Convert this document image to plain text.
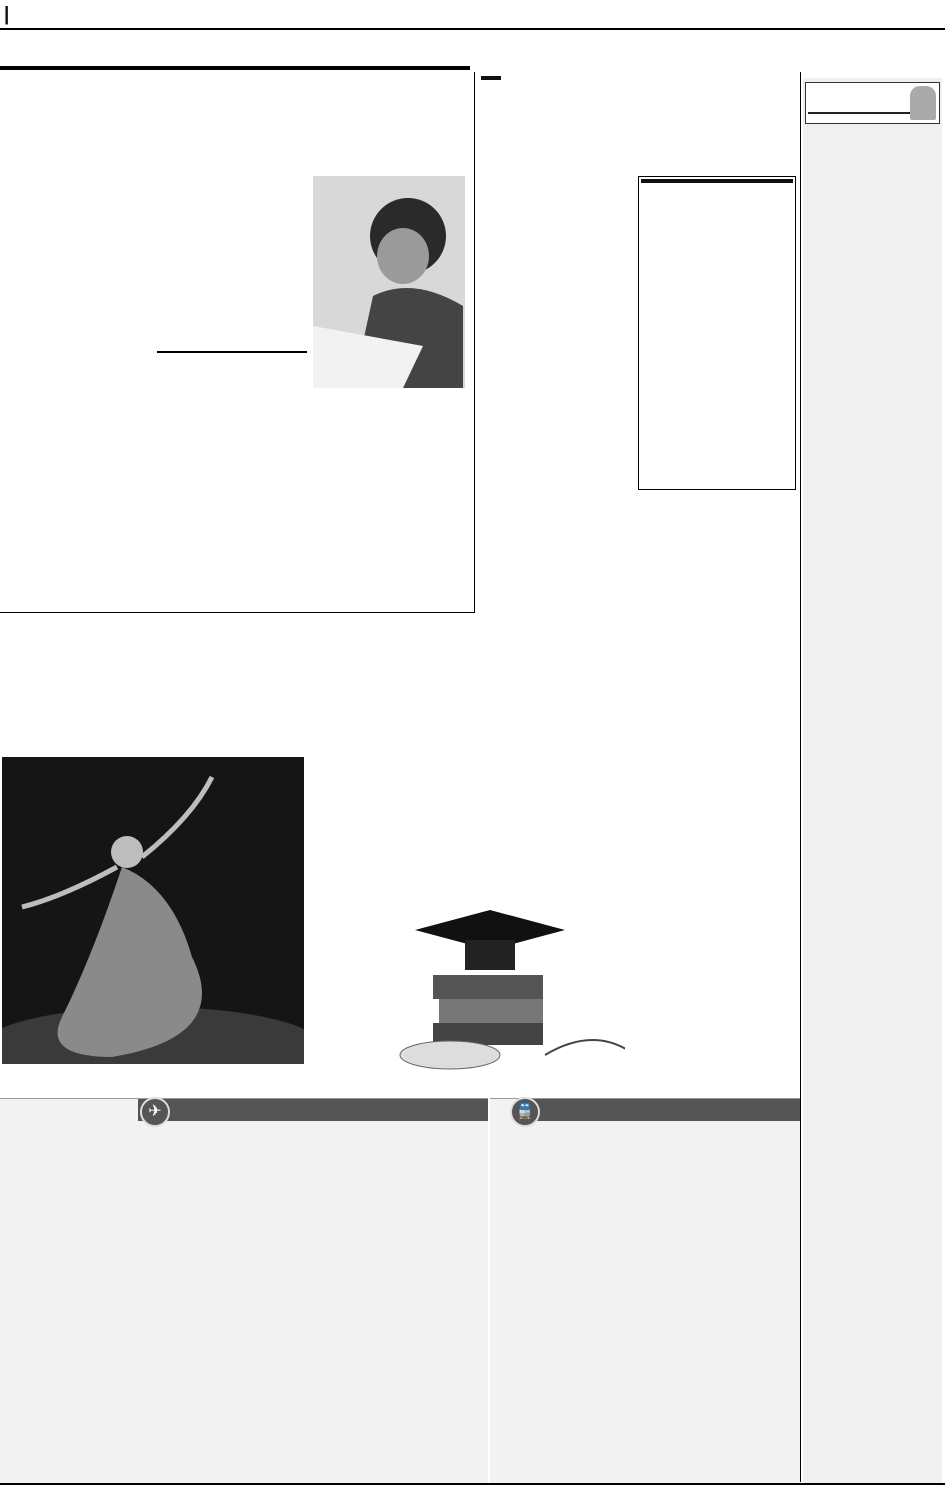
|
✈
	🚆
